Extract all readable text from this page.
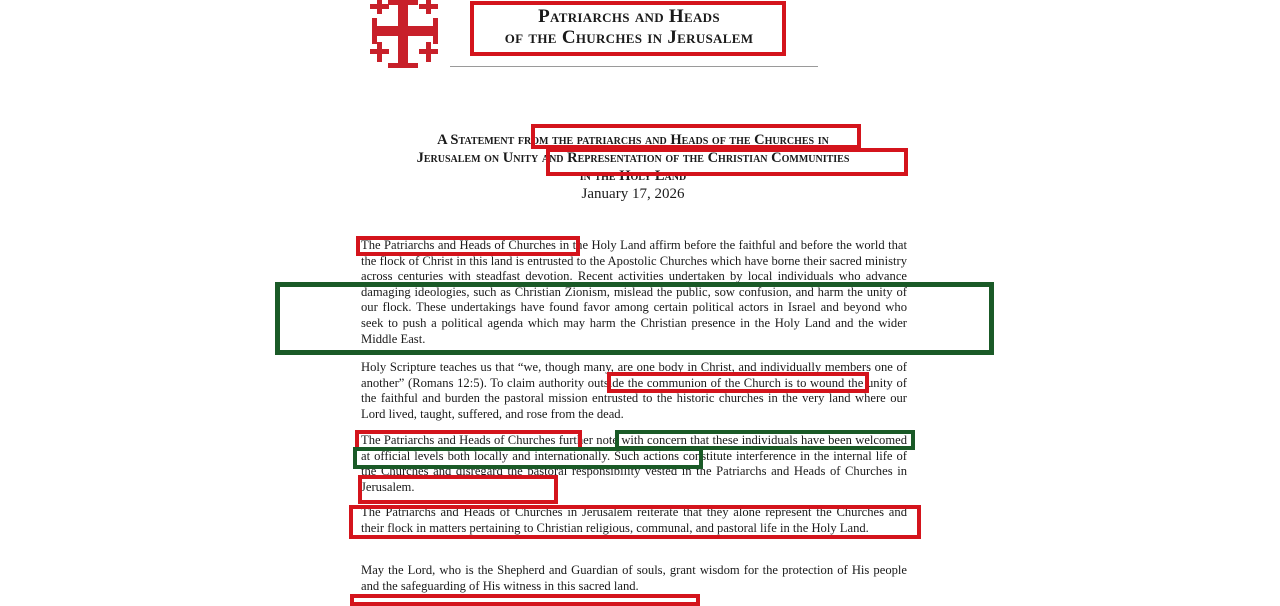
Patriarchs and Heads
of the Churches in Jerusalem
A Statement from the patriarchs and Heads of the Churches in
Jerusalem on Unity and Representation of the Christian Communities
in the Holy Land
January 17, 2026

The Patriarchs and Heads of Churches in the Holy Land affirm before the faithful and before the world that the flock of Christ in this land is entrusted to the Apostolic Churches which have borne their sacred ministry across centuries with steadfast devotion. Recent activities undertaken by local individuals who advance damaging ideologies, such as Christian Zionism, mislead the public, sow confusion, and harm the unity of our flock. These undertakings have found favor among certain political actors in Israel and beyond who seek to push a political agenda which may harm the Christian presence in the Holy Land and the wider Middle East.

Holy Scripture teaches us that “we, though many, are one body in Christ, and individually members one of another” (Romans 12:5). To claim authority outside the communion of the Church is to wound the unity of the faithful and burden the pastoral mission entrusted to the historic churches in the very land where our Lord lived, taught, suffered, and rose from the dead.

The Patriarchs and Heads of Churches further note with concern that these individuals have been welcomed at official levels both locally and internationally. Such actions constitute interference in the internal life of the Churches and disregard the pastoral responsibility vested in the Patriarchs and Heads of Churches in Jerusalem.

The Patriarchs and Heads of Churches in Jerusalem reiterate that they alone represent the Churches and their flock in matters pertaining to Christian religious, communal, and pastoral life in the Holy Land.

May the Lord, who is the Shepherd and Guardian of souls, grant wisdom for the protection of His people and the safeguarding of His witness in this sacred land.
